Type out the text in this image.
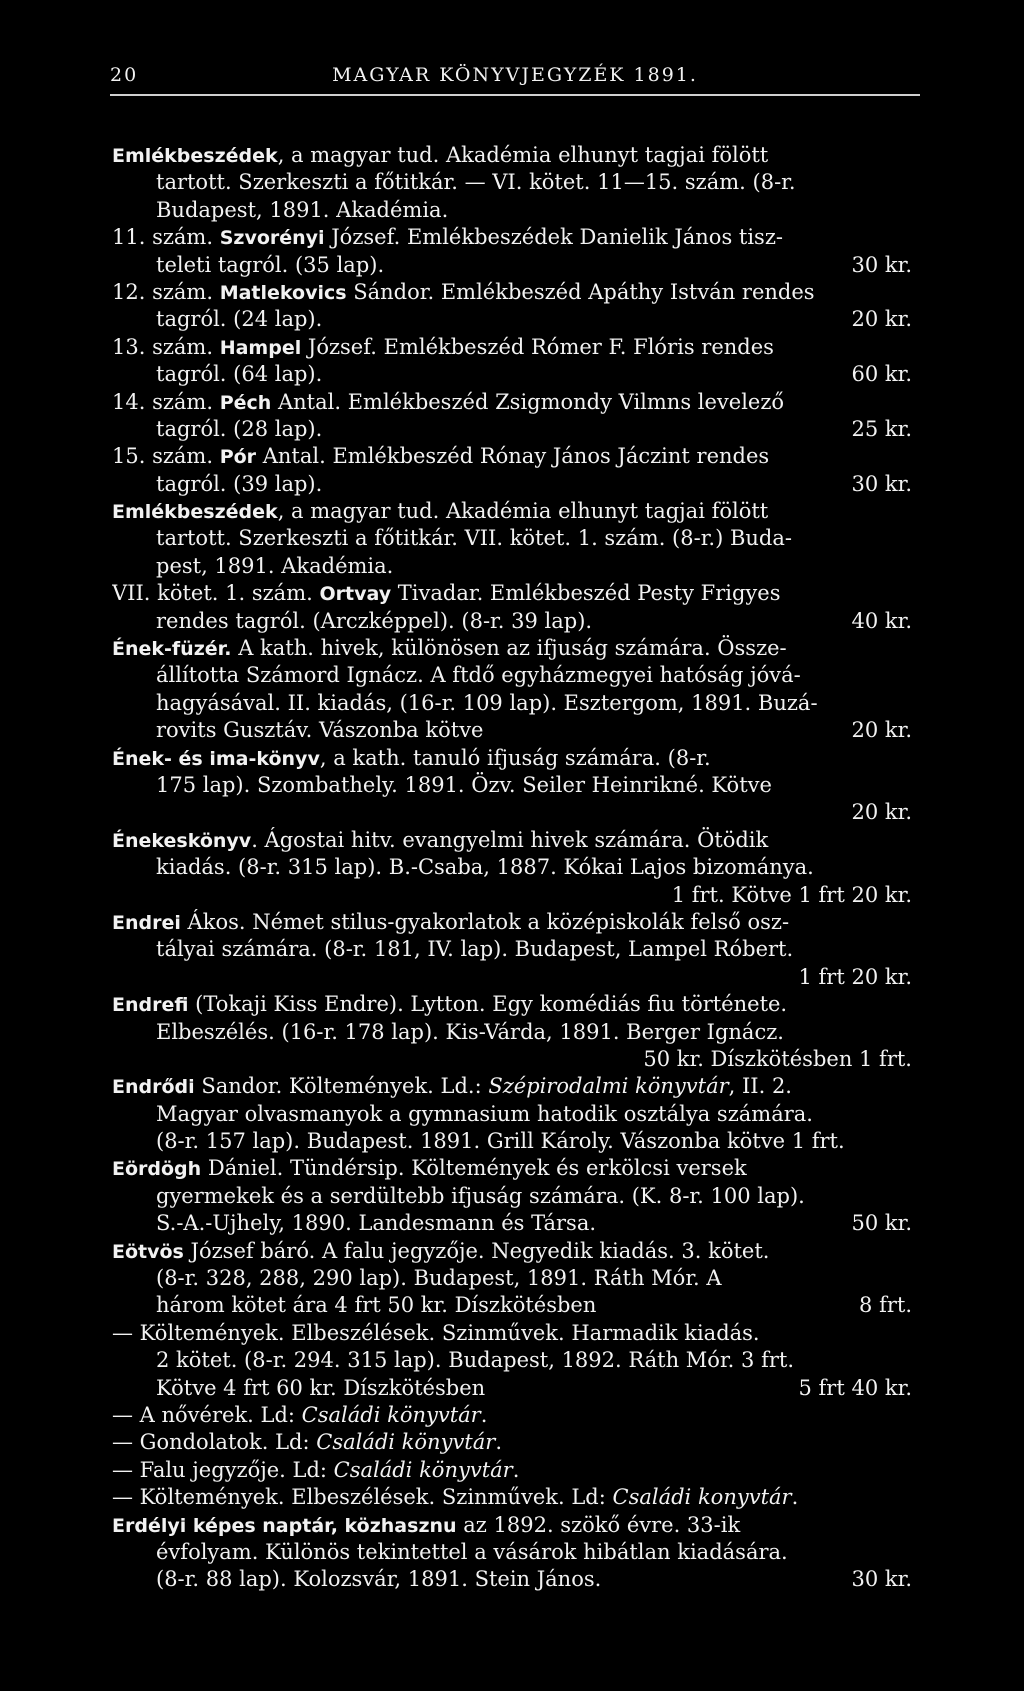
20	MAGYAR KÖNYVJEGYZÉK 1891.
Emlékbeszédek, a magyar tud. Akadémia elhunyt tagjai fölött
tartott. Szerkeszti a főtitkár. — VI. kötet. 11—15. szám. (8-r.
Budapest, 1891. Akadémia.
11. szám. Szvorényi József. Emlékbeszédek Danielik János tisz-
teleti tagról. (35 lap).	30 kr.
12. szám. Matlekovics Sándor. Emlékbeszéd Apáthy István rendes
tagról. (24 lap).	20 kr.
13. szám. Hampel József. Emlékbeszéd Rómer F. Flóris rendes
tagról. (64 lap).	60 kr.
14. szám. Péch Antal. Emlékbeszéd Zsigmondy Vilmns levelező
tagról. (28 lap).	25 kr.
15. szám. Pór Antal. Emlékbeszéd Rónay János Jáczint rendes
tagról. (39 lap).	30 kr.
Emlékbeszédek, a magyar tud. Akadémia elhunyt tagjai fölött
tartott. Szerkeszti a főtitkár. VII. kötet. 1. szám. (8-r.) Buda-
pest, 1891. Akadémia.
VII. kötet. 1. szám. Ortvay Tivadar. Emlékbeszéd Pesty Frigyes
rendes tagról. (Arczképpel). (8-r. 39 lap).	40 kr.
Ének-füzér. A kath. hivek, különösen az ifjuság számára. Össze-
állította Számord Ignácz. A ftdő egyházmegyei hatóság jóvá-
hagyásával. II. kiadás, (16-r. 109 lap). Esztergom, 1891. Buzá-
rovits Gusztáv. Vászonba kötve	20 kr.
Ének- és ima-könyv, a kath. tanuló ifjuság számára. (8-r.
175 lap). Szombathely. 1891. Özv. Seiler Heinrikné. Kötve
20 kr.
Énekeskönyv. Ágostai hitv. evangyelmi hivek számára. Ötödik
kiadás. (8-r. 315 lap). B.-Csaba, 1887. Kókai Lajos bizománya.
1 frt. Kötve 1 frt 20 kr.
Endrei Ákos. Német stilus-gyakorlatok a középiskolák felső osz-
tályai számára. (8-r. 181, IV. lap). Budapest, Lampel Róbert.
1 frt 20 kr.
Endrefi (Tokaji Kiss Endre). Lytton. Egy komédiás fiu története.
Elbeszélés. (16-r. 178 lap). Kis-Várda, 1891. Berger Ignácz.
50 kr. Díszkötésben 1 frt.
Endrődi Sandor. Költemények. Ld.: Szépirodalmi könyvtár, II. 2.
Magyar olvasmanyok a gymnasium hatodik osztálya számára.
(8-r. 157 lap). Budapest. 1891. Grill Károly. Vászonba kötve 1 frt.
Eördögh Dániel. Tündérsip. Költemények és erkölcsi versek
gyermekek és a serdültebb ifjuság számára. (K. 8-r. 100 lap).
S.-A.-Ujhely, 1890. Landesmann és Társa.	50 kr.
Eötvös József báró. A falu jegyzője. Negyedik kiadás. 3. kötet.
(8-r. 328, 288, 290 lap). Budapest, 1891. Ráth Mór. A
három kötet ára 4 frt 50 kr. Díszkötésben	8 frt.
— Költemények. Elbeszélések. Szinművek. Harmadik kiadás.
2 kötet. (8-r. 294. 315 lap). Budapest, 1892. Ráth Mór. 3 frt.
Kötve 4 frt 60 kr. Díszkötésben	5 frt 40 kr.
— A nővérek. Ld: Családi könyvtár.
— Gondolatok. Ld: Családi könyvtár.
— Falu jegyzője. Ld: Családi könyvtár.
— Költemények. Elbeszélések. Szinművek. Ld: Családi konyvtár.
Erdélyi képes naptár, közhasznu az 1892. szökő évre. 33-ik
évfolyam. Különös tekintettel a vásárok hibátlan kiadására.
(8-r. 88 lap). Kolozsvár, 1891. Stein János.	30 kr.
